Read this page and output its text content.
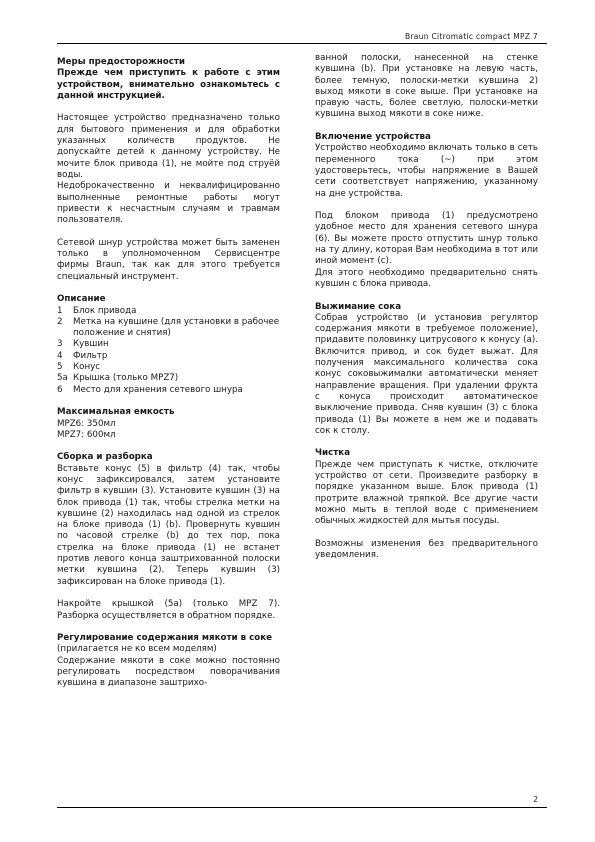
Braun Citromatic compact MPZ 7
Меры предосторожности

Прежде чем приступить к работе с этим устройством, внимательно ознакомьтесь с данной инструкцией.

Настоящее устройство предназначено только для бытового применения и для обработки указанных количеств продуктов. Не допускайте детей к данному устройству. Не мочите блок привода (1), не мойте под струёй воды.

Недоброкачественно и неквалифицированно выполненные ремонтные работы могут привести к несчастным случаям и травмам пользователя.

Сетевой шнур устройства может быть заменен только в уполномоченном Сервисцентре фирмы Braun, так как для этого требуется специальный инструмент.

Описание
1	Блок привода
2	Метка на кувшине (для установки в рабочее положение и снятия)
3	Кувшин
4	Фильтр
5	Конус
5a Крышка (только MPZ7)
6	Место для хранения сетевого шнура
Максимальная емкость

MPZ6: 350мл

MPZ7: 600мл

Сборка и разборка

Вставьте конус (5) в фильтр (4) так, чтобы конус зафиксировался, затем установите фильтр в кувшин (3). Установите кувшин (3) на блок привода (1) так, чтобы стрелка метки на кувшине (2) находилась над одной из стрелок на блоке привода (1) (b). Провернуть кувшин по часовой стрелке (b) до тех пор, пока стрелка на блоке привода (1) не встанет против левого конца заштрихованной полоски метки кувшина (2). Теперь кувшин (3) зафиксирован на блоке привода (1).

Накройте крышкой (5a) (только MPZ 7). Разборка осуществляется в обратном порядке.

Регулирование содержания мякоти в соке

(прилагается не ко всем моделям)

Содержание мякоти в соке можно постоянно регулировать посредством поворачивания кувшина в диапазоне заштрихо-

ванной полоски, нанесенной на стенке кувшина (b). При установке на левую часть, более темную, полоски-метки кувшина 2) выход мякоти в соке выше. При установке на правую часть, более светлую, полоски-метки кувшина выход мякоти в соке ниже.

Включение устройства

Устройство необходимо включать только в сеть переменного тока (~) при этом удостоверьтесь, чтобы напряжение в Вашей сети соответствует напряжению, указанному на дне устройства.

Под блоком привода (1) предусмотрено удобное место для хранения сетевого шнура (6). Вы можете просто отпустить шнур только на ту длину, которая Вам необходима в тот или иной момент (с).

Для этого необходимо предварительно снять кувшин с блока привода.

Выжимание сока

Собрав устройство (и установив регулятор содержания мякоти в требуемое положение), придавите половинку цитрусового к конусу (а). Включится привод, и сок будет выжат. Для получения максимального количества сока конус соковыжималки автоматически меняет направление вращения. При удалении фрукта с конуса происходит автоматическое выключение привода. Сняв кувшин (3) с блока привода (1) Вы можете в нем же и подавать сок к столу.

Чистка

Прежде чем приступать к чистке, отключите устройство от сети. Произведите разборку в порядке указанном выше. Блок привода (1) протрите влажной тряпкой. Все другие части можно мыть в теплой воде с применением обычных жидкостей для мытья посуды.

Возможны изменения без предварительного уведомления.

2
